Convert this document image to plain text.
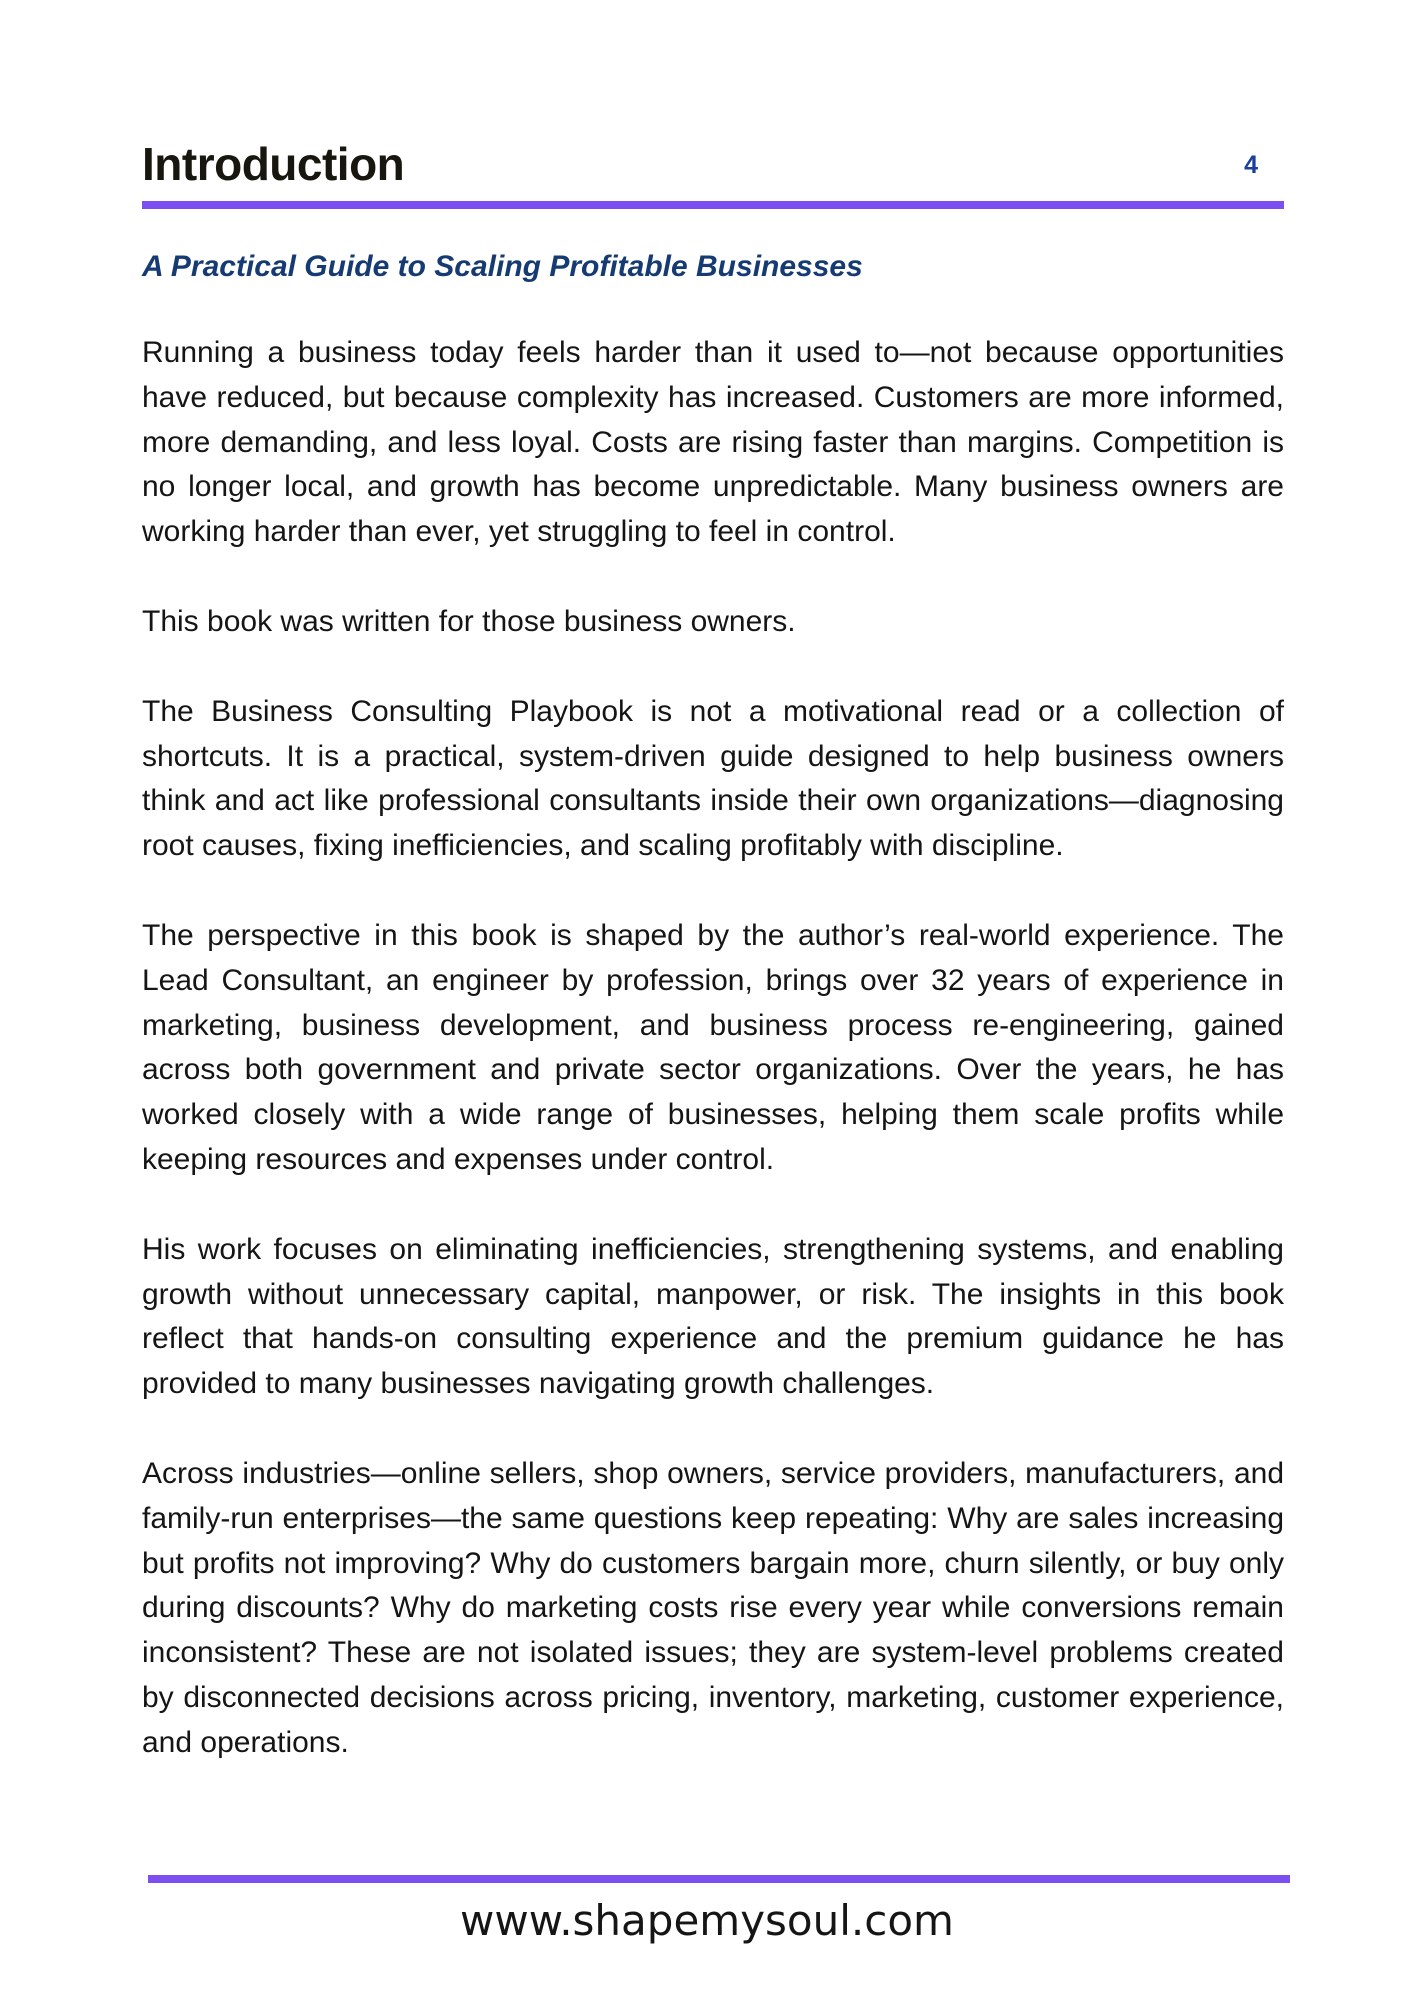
Introduction	4
A Practical Guide to Scaling Profitable Businesses

Running a business today feels harder than it used to—not because opportunities have reduced, but because complexity has increased. Customers are more informed, more demanding, and less loyal. Costs are rising faster than margins. Competition is no longer local, and growth has become unpredictable. Many business owners are working harder than ever, yet struggling to feel in control.

This book was written for those business owners.

The Business Consulting Playbook is not a motivational read or a collection of shortcuts. It is a practical, system-driven guide designed to help business owners think and act like professional consultants inside their own organizations—diagnosing root causes, fixing inefficiencies, and scaling profitably with discipline.

The perspective in this book is shaped by the author’s real-world experience. The Lead Consultant, an engineer by profession, brings over 32 years of experience in marketing, business development, and business process re-engineering, gained across both government and private sector organizations. Over the years, he has worked closely with a wide range of businesses, helping them scale profits while keeping resources and expenses under control.

His work focuses on eliminating inefficiencies, strengthening systems, and enabling growth without unnecessary capital, manpower, or risk. The insights in this book reflect that hands-on consulting experience and the premium guidance he has provided to many businesses navigating growth challenges.

Across industries—online sellers, shop owners, service providers, manufacturers, and family-run enterprises—the same questions keep repeating: Why are sales increasing but profits not improving? Why do customers bargain more, churn silently, or buy only during discounts? Why do marketing costs rise every year while conversions remain inconsistent? These are not isolated issues; they are system-level problems created by disconnected decisions across pricing, inventory, marketing, customer experience, and operations.

www.shapemysoul.com
